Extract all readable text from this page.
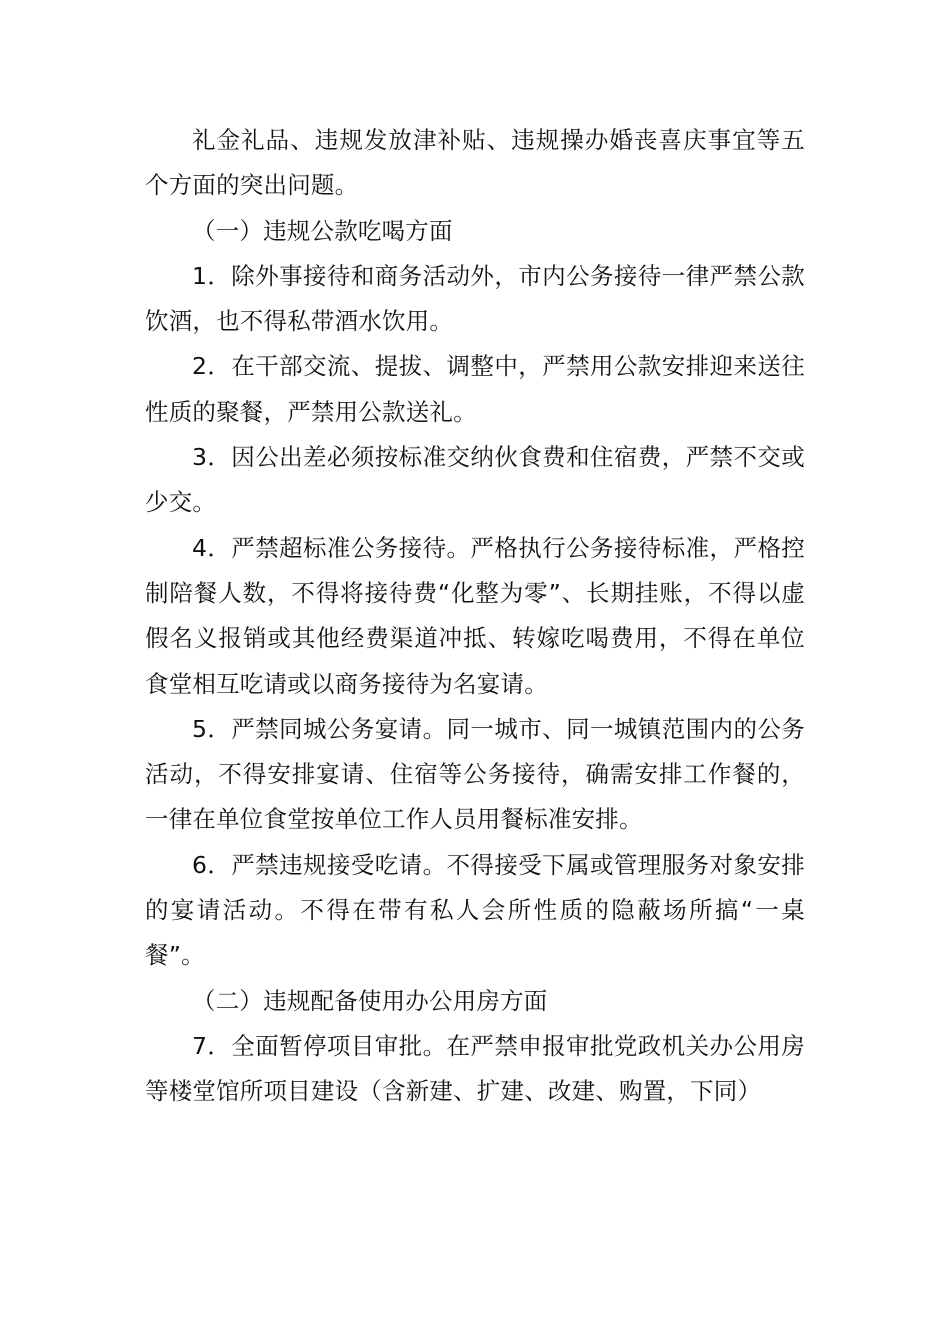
礼金礼品、违规发放津补贴、违规操办婚丧喜庆事宜等五个方面的突出问题。

（一）违规公款吃喝方面

1．除外事接待和商务活动外，市内公务接待一律严禁公款饮酒，也不得私带酒水饮用。

2．在干部交流、提拔、调整中，严禁用公款安排迎来送往性质的聚餐，严禁用公款送礼。

3．因公出差必须按标准交纳伙食费和住宿费，严禁不交或少交。

4．严禁超标准公务接待。严格执行公务接待标准，严格控制陪餐人数，不得将接待费“化整为零”、长期挂账，不得以虚假名义报销或其他经费渠道冲抵、转嫁吃喝费用，不得在单位食堂相互吃请或以商务接待为名宴请。

5．严禁同城公务宴请。同一城市、同一城镇范围内的公务活动，不得安排宴请、住宿等公务接待，确需安排工作餐的，一律在单位食堂按单位工作人员用餐标准安排。

6．严禁违规接受吃请。不得接受下属或管理服务对象安排的宴请活动。不得在带有私人会所性质的隐蔽场所搞“一桌餐”。

（二）违规配备使用办公用房方面

7．全面暂停项目审批。在严禁申报审批党政机关办公用房等楼堂馆所项目建设（含新建、扩建、改建、购置，下同）
